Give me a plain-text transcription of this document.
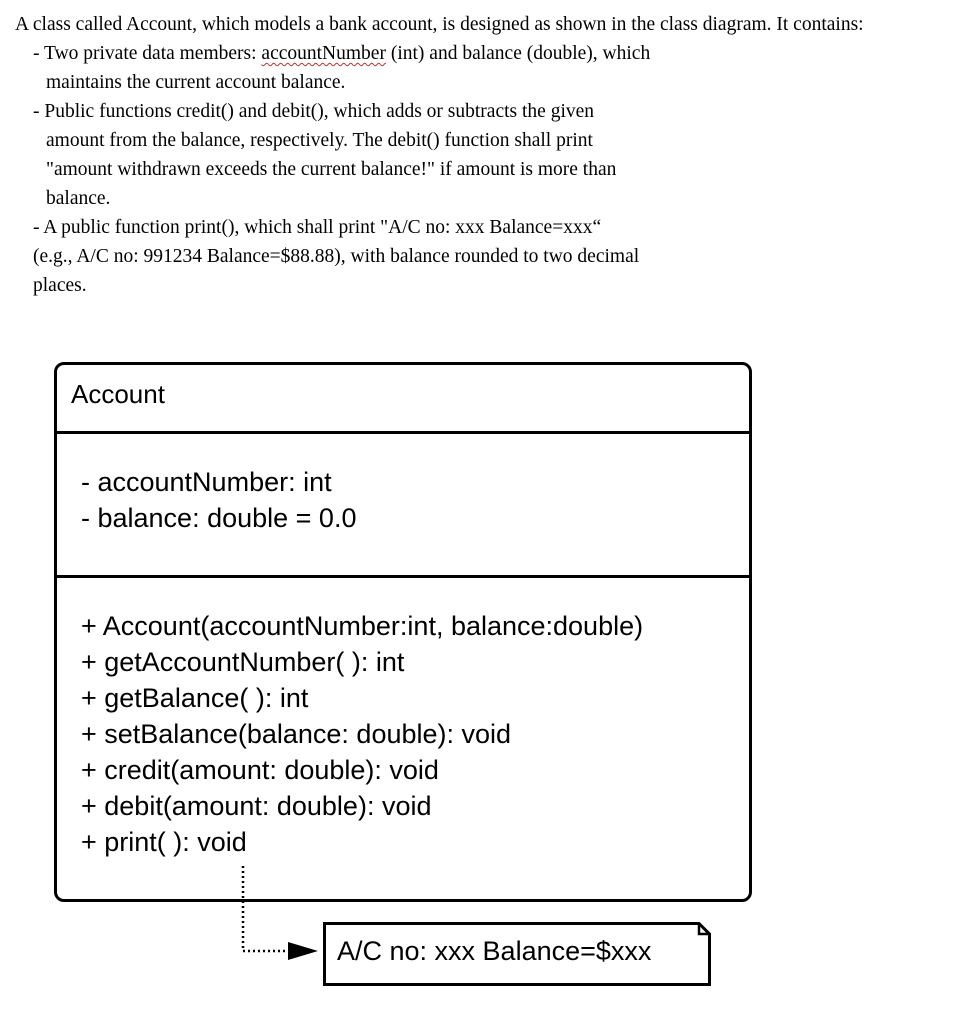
A class called Account, which models a bank account, is designed as shown in the class diagram. It contains:
- Two private data members: accountNumber (int) and balance (double), which
maintains the current account balance.
- Public functions credit() and debit(), which adds or subtracts the given
amount from the balance, respectively. The debit() function shall print
"amount withdrawn exceeds the current balance!" if amount is more than
balance.
- A public function print(), which shall print "A/C no: xxx Balance=xxx“
(e.g., A/C no: 991234 Balance=$88.88), with balance rounded to two decimal
places.
Account
- accountNumber: int
- balance: double = 0.0
+ Account(accountNumber:int, balance:double)
+ getAccountNumber( ): int
+ getBalance( ): int
+ setBalance(balance: double): void
+ credit(amount: double): void
+ debit(amount: double): void
+ print( ): void
A/C no: xxx Balance=$xxx
